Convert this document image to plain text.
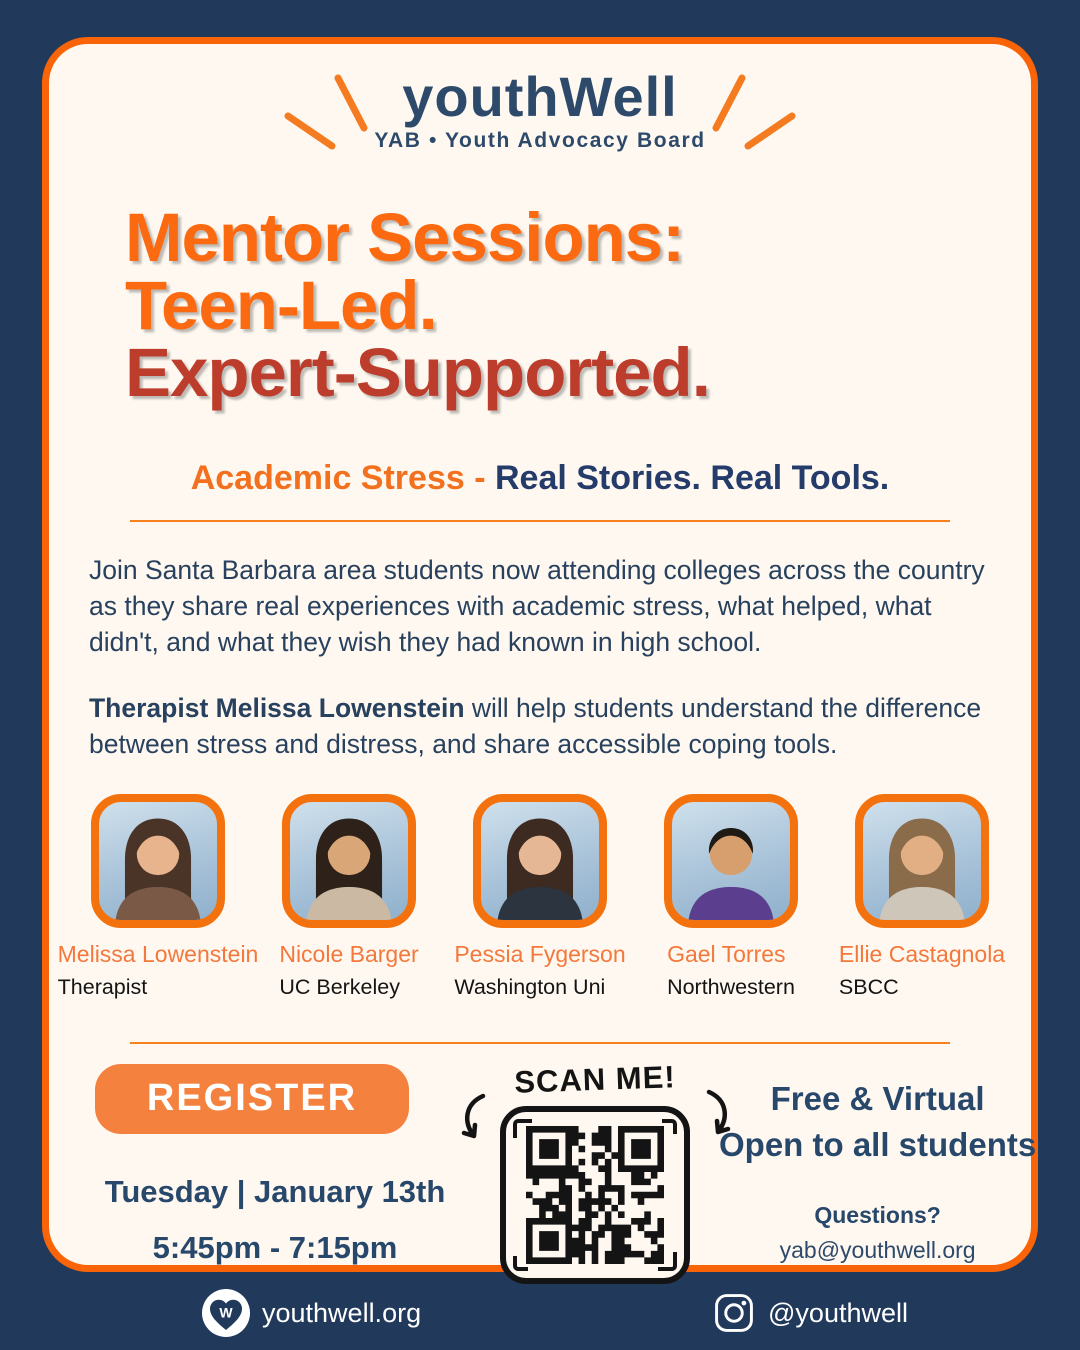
youthWell
YAB • Youth Advocacy Board
Mentor Sessions:
Teen-Led.
Expert-Supported.
Academic Stress - Real Stories. Real Tools.

Join Santa Barbara area students now attending colleges across the country as they share real experiences with academic stress, what helped, what didn't, and what they wish they had known in high school.

Therapist Melissa Lowenstein will help students understand the difference between stress and distress, and share accessible coping tools.

Melissa Lowenstein
Therapist
Nicole Barger
UC Berkeley
Pessia Fygerson
Washington Uni
Gael Torres
Northwestern
Ellie Castagnola
SBCC
REGISTER
Tuesday | January 13th
5:45pm - 7:15pm
SCAN ME!	Free & Virtual
Open to all students
Questions?
yab@youthwell.org
W youthwell.org	@youthwell
